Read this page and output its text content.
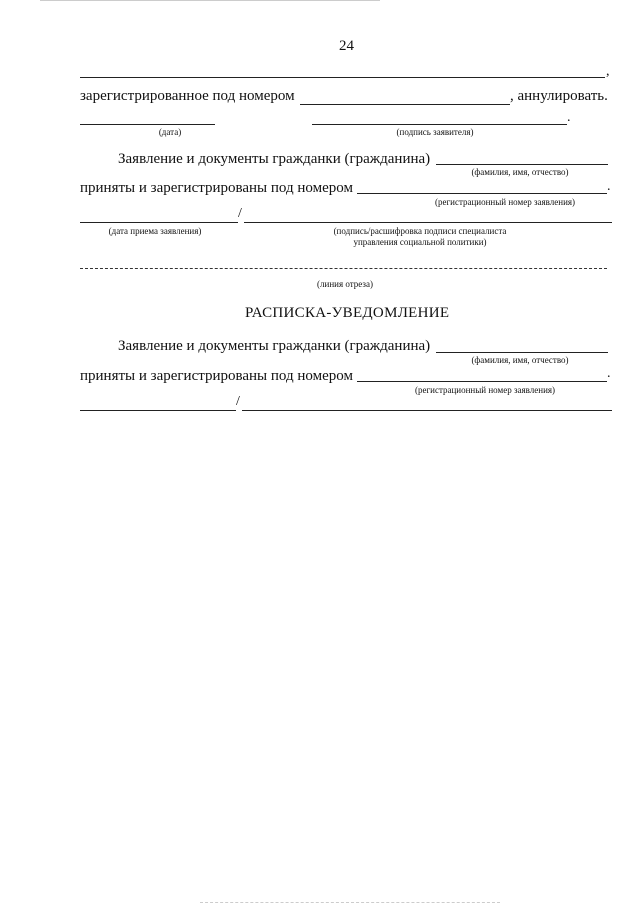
24
,
зарегистрированное под номером	, аннулировать.
(дата)
.
(подпись заявителя)
Заявление и документы гражданки (гражданина)
(фамилия, имя, отчество)
приняты и зарегистрированы под номером	.
(регистрационный номер заявления)
/
(дата приема заявления)	(подпись/расшифровка подписи специалиста
управления социальной политики)
(линия отреза)
РАСПИСКА-УВЕДОМЛЕНИЕ
Заявление и документы гражданки (гражданина)
(фамилия, имя, отчество)
приняты и зарегистрированы под номером	.
(регистрационный номер заявления)
/
